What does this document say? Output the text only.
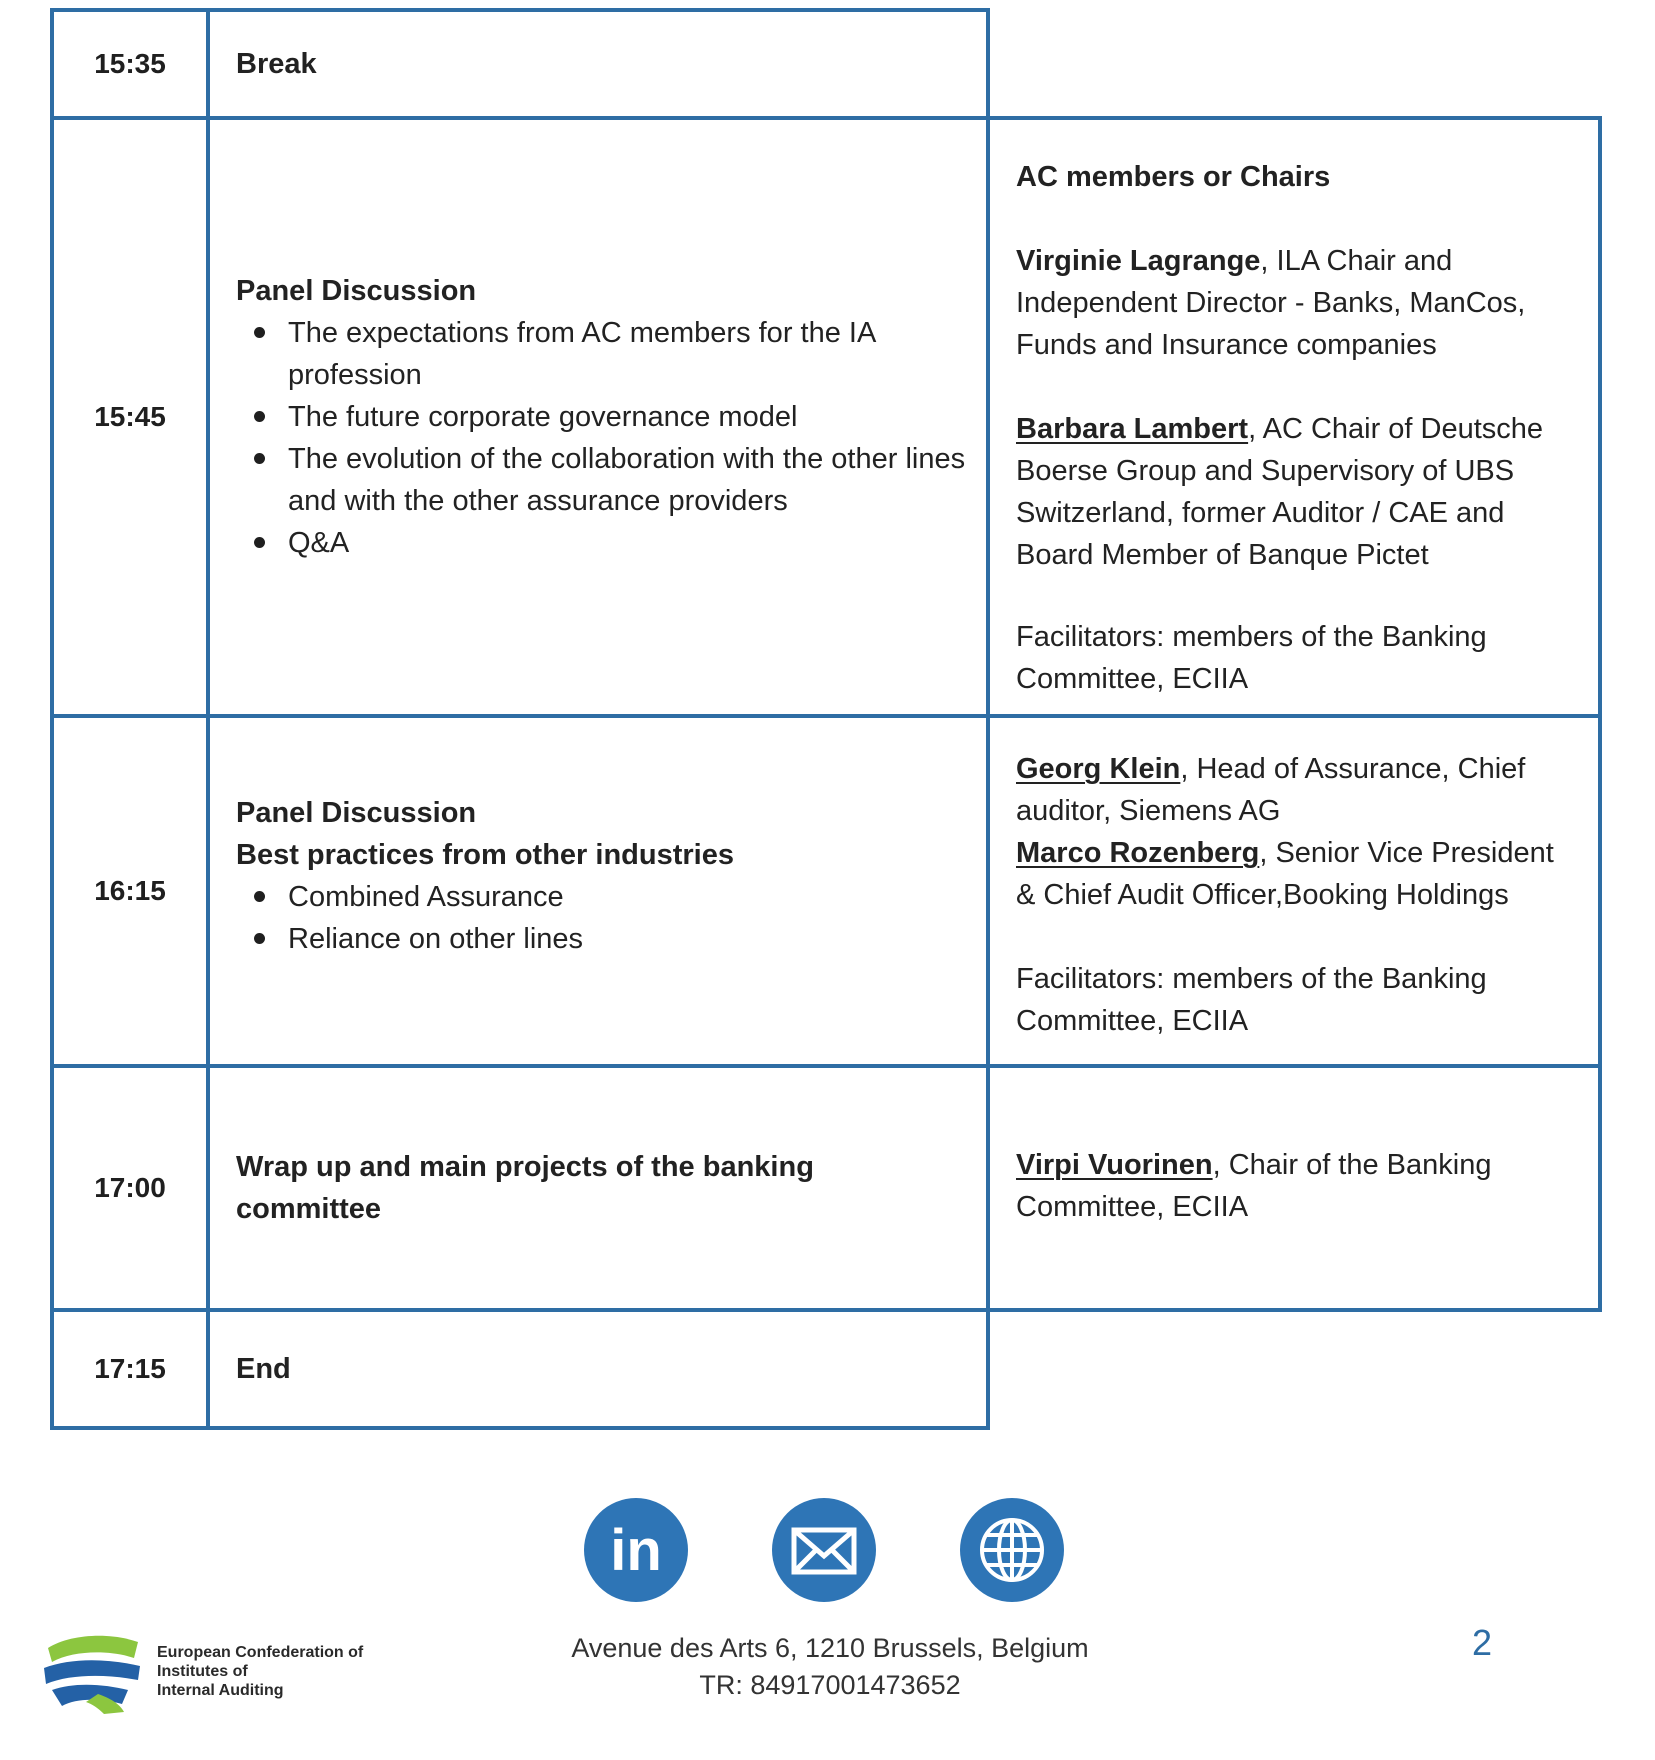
15:35 Break
15:45
Panel Discussion
The expectations from AC members for the IA profession
The future corporate governance model
The evolution of the collaboration with the other lines and with the other assurance providers
Q&A
AC members or Chairs
Virginie Lagrange, ILA Chair and Independent Director - Banks, ManCos, Funds and Insurance companies
Barbara Lambert, AC Chair of Deutsche Boerse Group and Supervisory of UBS Switzerland, former Auditor / CAE and Board Member of Banque Pictet
Facilitators: members of the Banking Committee, ECIIA
16:15
Panel Discussion
Best practices from other industries
Combined Assurance
Reliance on other lines
Georg Klein, Head of Assurance, Chief auditor, Siemens AG
Marco Rozenberg, Senior Vice President & Chief Audit Officer,Booking Holdings
Facilitators: members of the Banking Committee, ECIIA
17:00
Wrap up and main projects of the banking committee
Virpi Vuorinen, Chair of the Banking Committee, ECIIA
17:15 End
in
European Confederation of
Institutes of
Internal Auditing
Avenue des Arts 6, 1210 Brussels, Belgium
TR: 84917001473652
2
